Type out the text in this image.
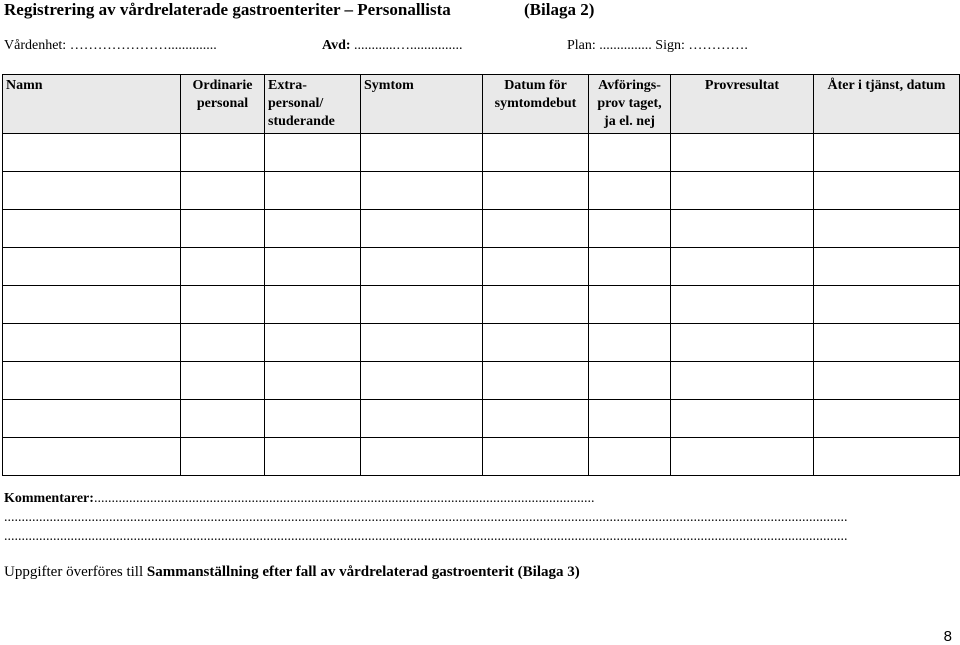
Registrering av vårdrelaterade gastroenteriter – Personallista	(Bilaga 2)
Vårdenhet: …………………..............	Avd: ............…...............	Plan: ............... Sign: ………….
Namn	Ordinarie personal	Extra-personal/ studerande	Symtom	Datum för symtomdebut	Avförings-prov taget, ja el. nej	Provresultat	Åter i tjänst, datum

Kommentarer:...............................................................................................................................................
.................................................................................................................................................................................................................................................
.................................................................................................................................................................................................................................................
Uppgifter överföres till Sammanställning efter fall av vårdrelaterad gastroenterit (Bilaga 3)
8
